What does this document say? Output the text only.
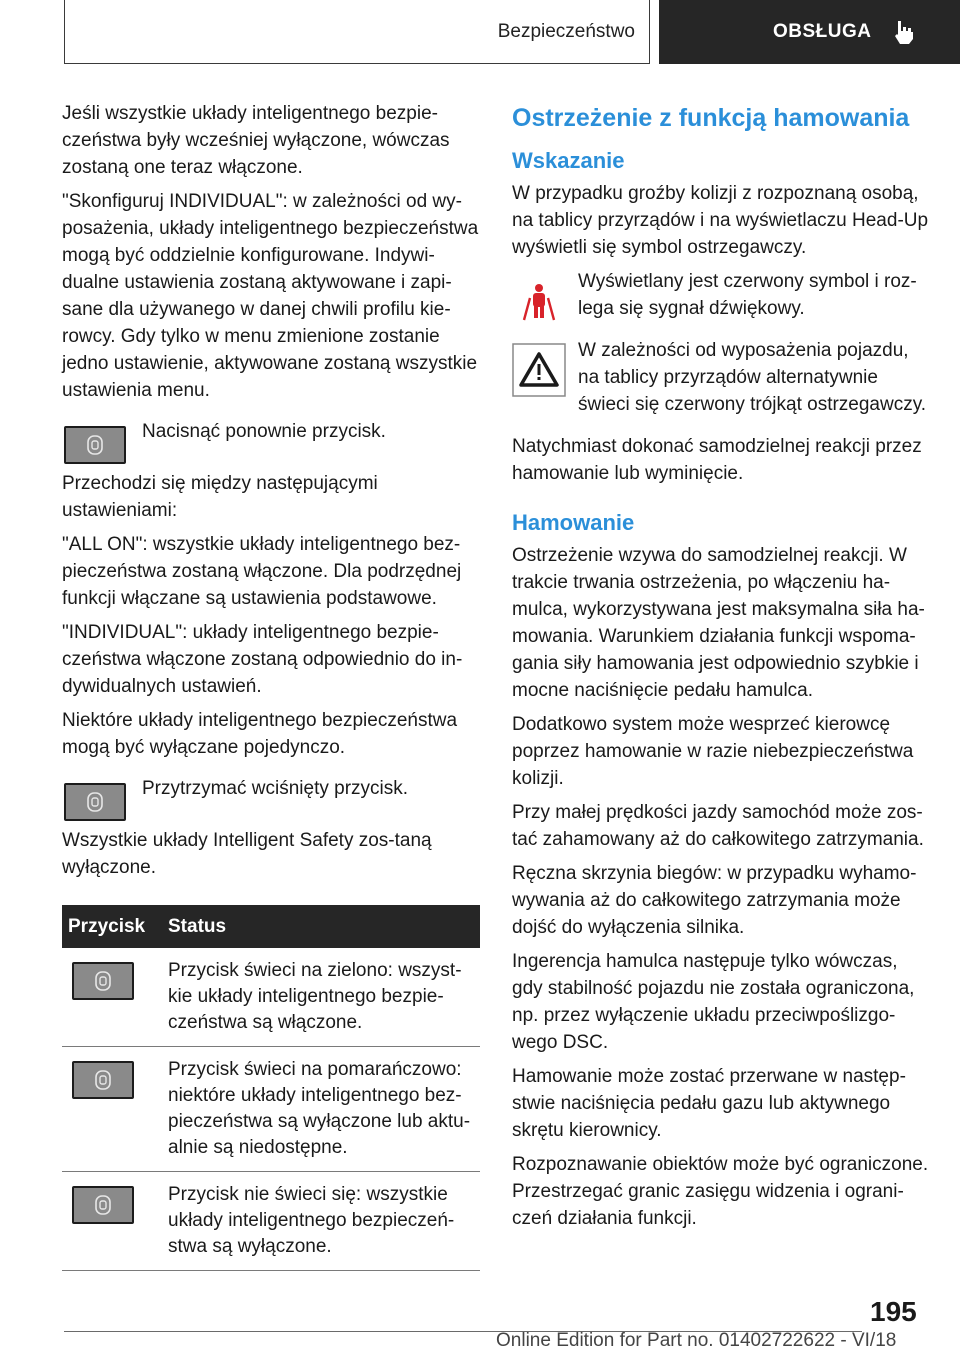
Bezpieczeństwo	OBSŁUGA

Jeśli wszystkie układy inteligentnego bezpie‐czeństwa były wcześniej wyłączone, wówczas zostaną one teraz włączone.

"Skonfiguruj INDIVIDUAL": w zależności od wy‐posażenia, układy inteligentnego bezpieczeństwa mogą być oddzielnie konfigurowane. Indywi‐dualne ustawienia zostaną aktywowane i zapi‐sane dla używanego w danej chwili profilu kie‐rowcy. Gdy tylko w menu zmienione zostanie jedno ustawienie, aktywowane zostaną wszystkie ustawienia menu.

Nacisnąć ponownie przycisk.

Przechodzi się między następującymi ustawieniami:

"ALL ON": wszystkie układy inteligentnego bez‐pieczeństwa zostaną włączone. Dla podrzędnej funkcji włączane są ustawienia podstawowe.

"INDIVIDUAL": układy inteligentnego bezpie‐czeństwa włączone zostaną odpowiednio do in‐dywidualnych ustawień.

Niektóre układy inteligentnego bezpieczeństwa mogą być wyłączane pojedynczo.

Przytrzymać wciśnięty przycisk.

Wszystkie układy Intelligent Safety zos‐taną wyłączone.

Przycisk	Status

	Przycisk świeci na zielono: wszyst‐kie układy inteligentnego bezpie‐czeństwa są włączone.

	Przycisk świeci na pomarańczowo: niektóre układy inteligentnego bez‐pieczeństwa są wyłączone lub aktu‐alnie są niedostępne.

	Przycisk nie świeci się: wszystkie układy inteligentnego bezpieczeń‐stwa są wyłączone.
Ostrzeżenie z funkcją hamowania
Wskazanie

W przypadku groźby kolizji z rozpoznaną osobą, na tablicy przyrządów i na wyświetlaczu Head-Up wyświetli się symbol ostrzegawczy.

Wyświetlany jest czerwony symbol i roz‐lega się sygnał dźwiękowy.

W zależności od wyposażenia pojazdu, na tablicy przyrządów alternatywnie świeci się czerwony trójkąt ostrzegawczy.

Natychmiast dokonać samodzielnej reakcji przez hamowanie lub wyminięcie.

Hamowanie

Ostrzeżenie wzywa do samodzielnej reakcji. W trakcie trwania ostrzeżenia, po włączeniu ha‐mulca, wykorzystywana jest maksymalna siła ha‐mowania. Warunkiem działania funkcji wspoma‐gania siły hamowania jest odpowiednio szybkie i mocne naciśnięcie pedału hamulca.

Dodatkowo system może wesprzeć kierowcę poprzez hamowanie w razie niebezpieczeństwa kolizji.

Przy małej prędkości jazdy samochód może zos‐tać zahamowany aż do całkowitego zatrzymania.

Ręczna skrzynia biegów: w przypadku wyhamo‐wywania aż do całkowitego zatrzymania może dojść do wyłączenia silnika.

Ingerencja hamulca następuje tylko wówczas, gdy stabilność pojazdu nie została ograniczona, np. przez wyłączenie układu przeciwpoślizgo‐wego DSC.

Hamowanie może zostać przerwane w następ‐stwie naciśnięcia pedału gazu lub aktywnego skrętu kierownicy.

Rozpoznawanie obiektów może być ograniczone. Przestrzegać granic zasięgu widzenia i ograni‐czeń działania funkcji.

195
Online Edition for Part no. 01402722622 - VI/18
